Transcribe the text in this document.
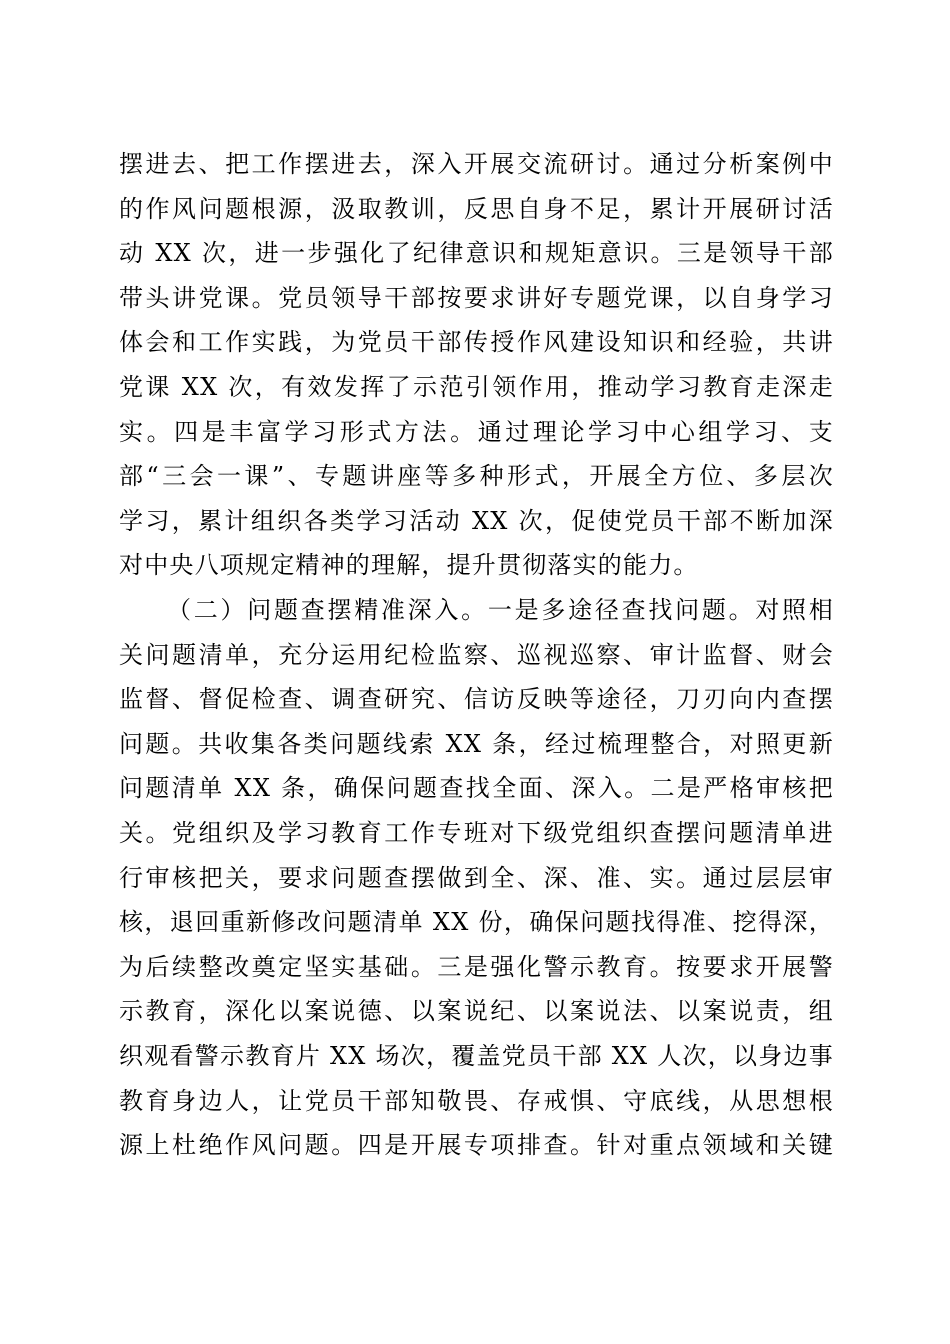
摆进去、把工作摆进去，深入开展交流研讨。通过分析案例中
的作风问题根源，汲取教训，反思自身不足，累计开展研讨活
动 XX 次，进一步强化了纪律意识和规矩意识。三是领导干部
带头讲党课。党员领导干部按要求讲好专题党课，以自身学习
体会和工作实践，为党员干部传授作风建设知识和经验，共讲
党课 XX 次，有效发挥了示范引领作用，推动学习教育走深走
实。四是丰富学习形式方法。通过理论学习中心组学习、支
部“三会一课”、专题讲座等多种形式，开展全方位、多层次
学习，累计组织各类学习活动 XX 次，促使党员干部不断加深
对中央八项规定精神的理解，提升贯彻落实的能力。
（二）问题查摆精准深入。一是多途径查找问题。对照相
关问题清单，充分运用纪检监察、巡视巡察、审计监督、财会
监督、督促检查、调查研究、信访反映等途径，刀刃向内查摆
问题。共收集各类问题线索 XX 条，经过梳理整合，对照更新
问题清单 XX 条，确保问题查找全面、深入。二是严格审核把
关。党组织及学习教育工作专班对下级党组织查摆问题清单进
行审核把关，要求问题查摆做到全、深、准、实。通过层层审
核，退回重新修改问题清单 XX 份，确保问题找得准、挖得深，
为后续整改奠定坚实基础。三是强化警示教育。按要求开展警
示教育，深化以案说德、以案说纪、以案说法、以案说责，组
织观看警示教育片 XX 场次，覆盖党员干部 XX 人次，以身边事
教育身边人，让党员干部知敬畏、存戒惧、守底线，从思想根
源上杜绝作风问题。四是开展专项排查。针对重点领域和关键
